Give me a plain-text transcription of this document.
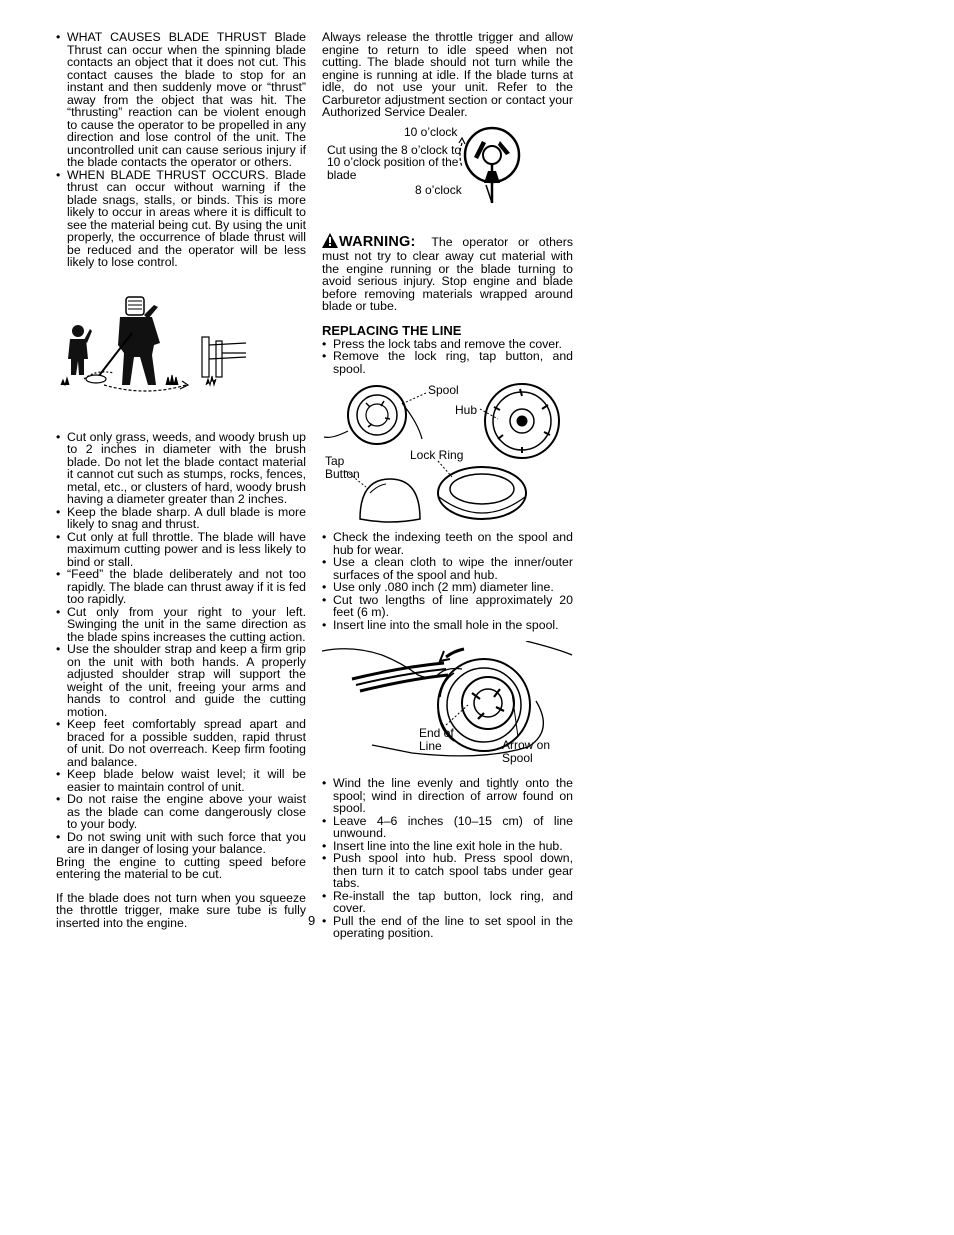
• WHAT CAUSES BLADE THRUST Blade Thrust can occur when the spinning blade contacts an object that it does not cut. This contact causes the blade to stop for an instant and then suddenly move or “thrust” away from the object that was hit. The “thrusting” reaction can be violent enough to cause the operator to be propelled in any direction and lose control of the unit. The uncontrolled unit can cause serious injury if the blade contacts the operator or others.
• WHEN BLADE THRUST OCCURS. Blade thrust can occur without warning if the blade snags, stalls, or binds. This is more likely to occur in areas where it is difficult to see the material being cut. By using the unit properly, the occurrence of blade thrust will be reduced and the operator will be less likely to lose control.
• Cut only grass, weeds, and woody brush up to 2 inches in diameter with the brush blade. Do not let the blade contact material it cannot cut such as stumps, rocks, fences, metal, etc., or clusters of hard, woody brush having a diameter greater than 2 inches.
• Keep the blade sharp. A dull blade is more likely to snag and thrust.
• Cut only at full throttle. The blade will have maximum cutting power and is less likely to bind or stall.
• “Feed” the blade deliberately and not too rapidly. The blade can thrust away if it is fed too rapidly.
• Cut only from your right to your left. Swinging the unit in the same direction as the blade spins increases the cutting action.
• Use the shoulder strap and keep a firm grip on the unit with both hands. A properly adjusted shoulder strap will support the weight of the unit, freeing your arms and hands to control and guide the cutting motion.
• Keep feet comfortably spread apart and braced for a possible sudden, rapid thrust of unit. Do not overreach. Keep firm footing and balance.
• Keep blade below waist level; it will be easier to maintain control of unit.
• Do not raise the engine above your waist as the blade can come dangerously close to your body.
• Do not swing unit with such force that you are in danger of losing your balance.

Bring the engine to cutting speed before entering the material to be cut.

If the blade does not turn when you squeeze the throttle trigger, make sure tube is fully inserted into the engine.

Always release the throttle trigger and allow engine to return to idle speed when not cutting. The blade should not turn while the engine is running at idle. If the blade turns at idle, do not use your unit. Refer to the Carburetor adjustment section or contact your Authorized Service Dealer.

10 o’clock
Cut using the 8 o’clock to 10 o’clock position of the blade
8 o’clock

WARNING: The operator or others must not try to clear away cut material with the engine running or the blade turning to avoid serious injury. Stop engine and blade before removing materials wrapped around blade or tube.

REPLACING THE LINE
• Press the lock tabs and remove the cover.
• Remove the lock ring, tap button, and spool.
Spool
Hub
Tap Button
Lock Ring
• Check the indexing teeth on the spool and hub for wear.
• Use a clean cloth to wipe the inner/outer surfaces of the spool and hub.
• Use only .080 inch (2 mm) diameter line.
• Cut two lengths of line approximately 20 feet (6 m).
• Insert line into the small hole in the spool.
End of Line	Arrow on Spool
• Wind the line evenly and tightly onto the spool; wind in direction of arrow found on spool.
• Leave 4–6 inches (10–15 cm) of line unwound.
• Insert line into the line exit hole in the hub.
• Push spool into hub. Press spool down, then turn it to catch spool tabs under gear tabs.
• Re-install the tap button, lock ring, and cover.
• Pull the end of the line to set spool in the operating position.
9
